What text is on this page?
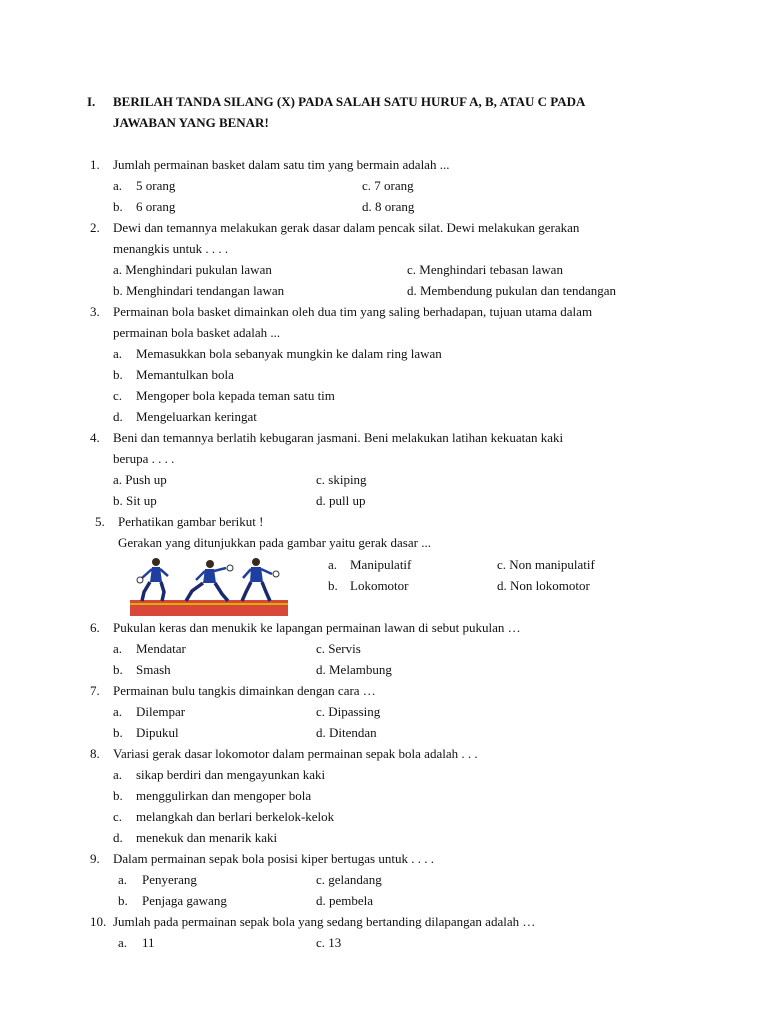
I. BERILAH TANDA SILANG (X) PADA SALAH SATU HURUF A, B, ATAU C PADA
JAWABAN YANG BENAR!
1. Jumlah permainan basket dalam satu tim yang bermain adalah ...
a. 5 orang	c. 7 orang
b. 6 orang	d. 8 orang
2. Dewi dan temannya melakukan gerak dasar dalam pencak silat. Dewi melakukan gerakan
menangkis untuk . . . .
a. Menghindari pukulan lawan	c. Menghindari tebasan lawan
b. Menghindari tendangan lawan	d. Membendung pukulan dan tendangan
3. Permainan bola basket dimainkan oleh dua tim yang saling berhadapan, tujuan utama dalam
permainan bola basket adalah ...
a. Memasukkan bola sebanyak mungkin ke dalam ring lawan
b. Memantulkan bola
c. Mengoper bola kepada teman satu tim
d. Mengeluarkan keringat
4. Beni dan temannya berlatih kebugaran jasmani. Beni melakukan latihan kekuatan kaki
berupa . . . .
a. Push up	c. skiping
b. Sit up	d. pull up
5. Perhatikan gambar berikut !
Gerakan yang ditunjukkan pada gambar yaitu gerak dasar ...
a. Manipulatif	c. Non manipulatif
b. Lokomotor	d. Non lokomotor
6. Pukulan keras dan menukik ke lapangan permainan lawan di sebut pukulan …
a. Mendatar	c. Servis
b. Smash	d. Melambung
7. Permainan bulu tangkis dimainkan dengan cara …
a. Dilempar	c. Dipassing
b. Dipukul	d. Ditendan
8. Variasi gerak dasar lokomotor dalam permainan sepak bola adalah . . .
a. sikap berdiri dan mengayunkan kaki
b. menggulirkan dan mengoper bola
c. melangkah dan berlari berkelok-kelok
d. menekuk dan menarik kaki
9. Dalam permainan sepak bola posisi kiper bertugas untuk . . . .
a. Penyerang	c. gelandang
b. Penjaga gawang	d. pembela
10. Jumlah pada permainan sepak bola yang sedang bertanding dilapangan adalah …
a. 11	c. 13
